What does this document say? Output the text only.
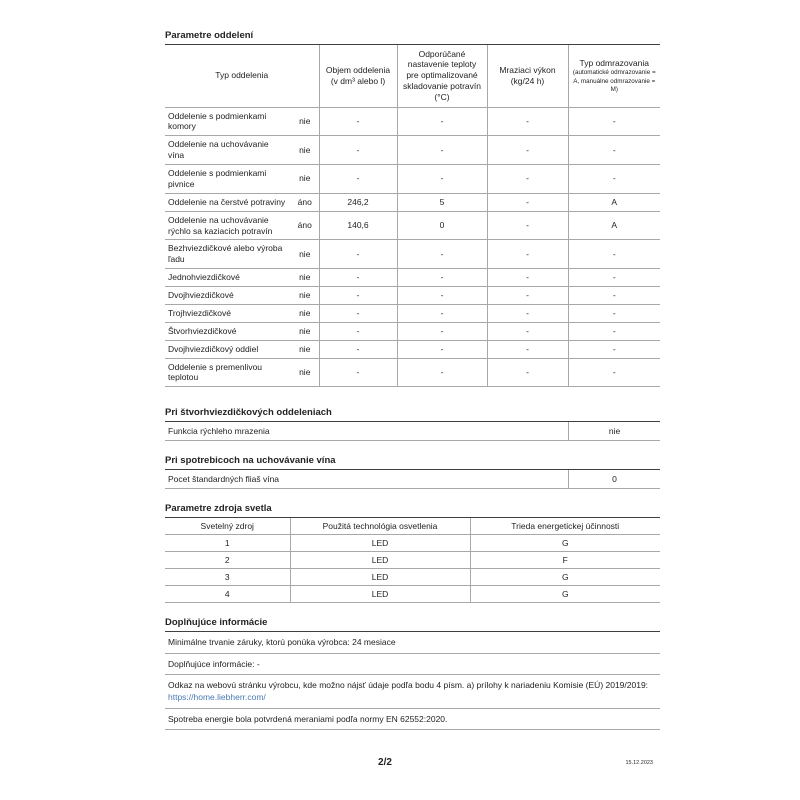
Parametre oddelení
Typ oddelenia		Objem oddelenia (v dm³ alebo l)	Odporúčané nastavenie teploty pre optimalizované skladovanie potravín (°C)	Mraziaci výkon (kg/24 h)	Typ odmrazovania
(automatické odmrazovanie = A, manuálne odmrazovanie = M)

Oddelenie s podmienkami komory	nie	-	-	-	-
Oddelenie na uchovávanie vína	nie	-	-	-	-
Oddelenie s podmienkami pivnice	nie	-	-	-	-
Oddelenie na čerstvé potraviny	áno	246,2	5	-	A
Oddelenie na uchovávanie rýchlo sa kaziacich potravín	áno	140,6	0	-	A
Bezhviezdičkové alebo výroba ľadu	nie	-	-	-	-
Jednohviezdičkové	nie	-	-	-	-
Dvojhviezdičkové	nie	-	-	-	-
Trojhviezdičkové	nie	-	-	-	-
Štvorhviezdičkové	nie	-	-	-	-
Dvojhviezdičkový oddiel	nie	-	-	-	-
Oddelenie s premenlivou teplotou	nie	-	-	-	-
Pri štvorhviezdičkových oddeleniach
Funkcia rýchleho mrazenia	nie
Pri spotrebicoch na uchovávanie vína
Pocet štandardných fliaš vína	0
Parametre zdroja svetla
Svetelný zdroj	Použitá technológia osvetlenia	Trieda energetickej účinnosti
1	LED	G
2	LED	F
3	LED	G
4	LED	G
Doplňujúce informácie
Minimálne trvanie záruky, ktorú ponúka výrobca: 24 mesiace
Doplňujúce informácie: -
Odkaz na webovú stránku výrobcu, kde možno nájsť údaje podľa bodu 4 písm. a) prílohy k nariadeniu Komisie (EÚ) 2019/2019: https://home.liebherr.com/
Spotreba energie bola potvrdená meraniami podľa normy EN 62552:2020.
2/2	15.12.2023
